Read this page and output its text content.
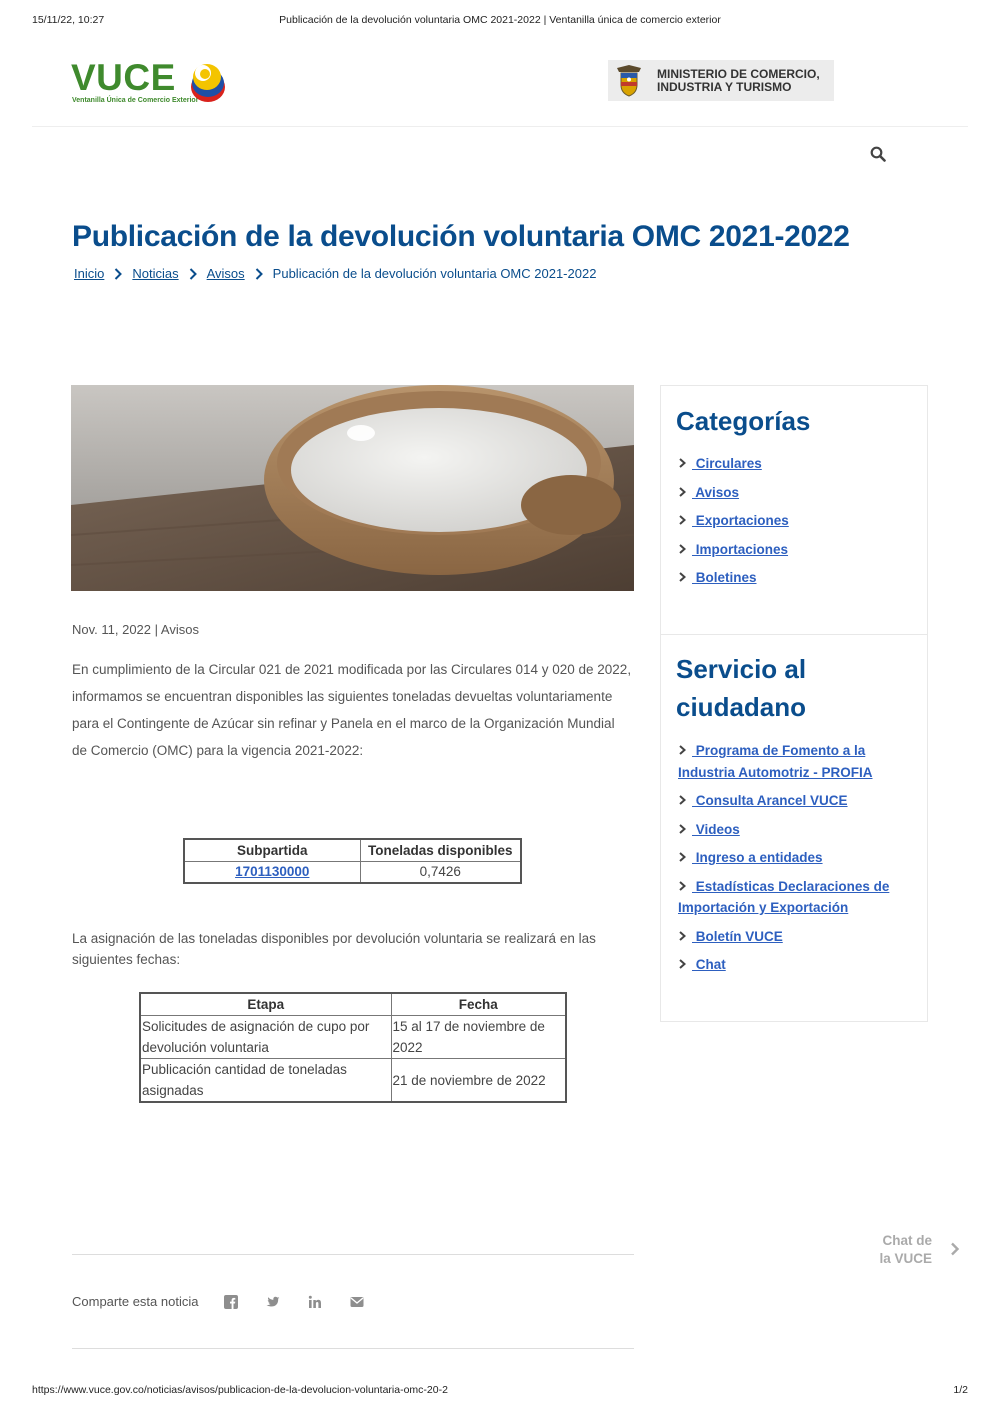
15/11/22, 10:27	Publicación de la devolución voluntaria OMC 2021-2022 | Ventanilla única de comercio exterior
VUCE
Ventanilla Única de Comercio Exterior
MINISTERIO DE COMERCIO,
INDUSTRIA Y TURISMO
Publicación de la devolución voluntaria OMC 2021-2022
Inicio Noticias Avisos Publicación de la devolución voluntaria OMC 2021-2022
Nov. 11, 2022 | Avisos

En cumplimiento de la Circular 021 de 2021 modificada por las Circulares 014 y 020 de 2022, informamos se encuentran disponibles las siguientes toneladas devueltas voluntariamente para el Contingente de Azúcar sin refinar y Panela en el marco de la Organización Mundial de Comercio (OMC) para la vigencia 2021-2022:

Subpartida	Toneladas disponibles
1701130000	0,7426

La asignación de las toneladas disponibles por devolución voluntaria se realizará en las siguientes fechas:

Etapa	Fecha
Solicitudes de asignación de cupo por devolución voluntaria	15 al 17 de noviembre de 2022
Publicación cantidad de toneladas asignadas	21 de noviembre de 2022
Comparte esta noticia
Chat de
la VUCE
Categorías
Circulares
Avisos
Exportaciones
Importaciones
Boletines
Servicio al
ciudadano
Programa de Fomento a la Industria Automotriz - PROFIA
Consulta Arancel VUCE
Videos
Ingreso a entidades
Estadísticas Declaraciones de Importación y Exportación
Boletín VUCE
Chat
https://www.vuce.gov.co/noticias/avisos/publicacion-de-la-devolucion-voluntaria-omc-20-2	1/2
